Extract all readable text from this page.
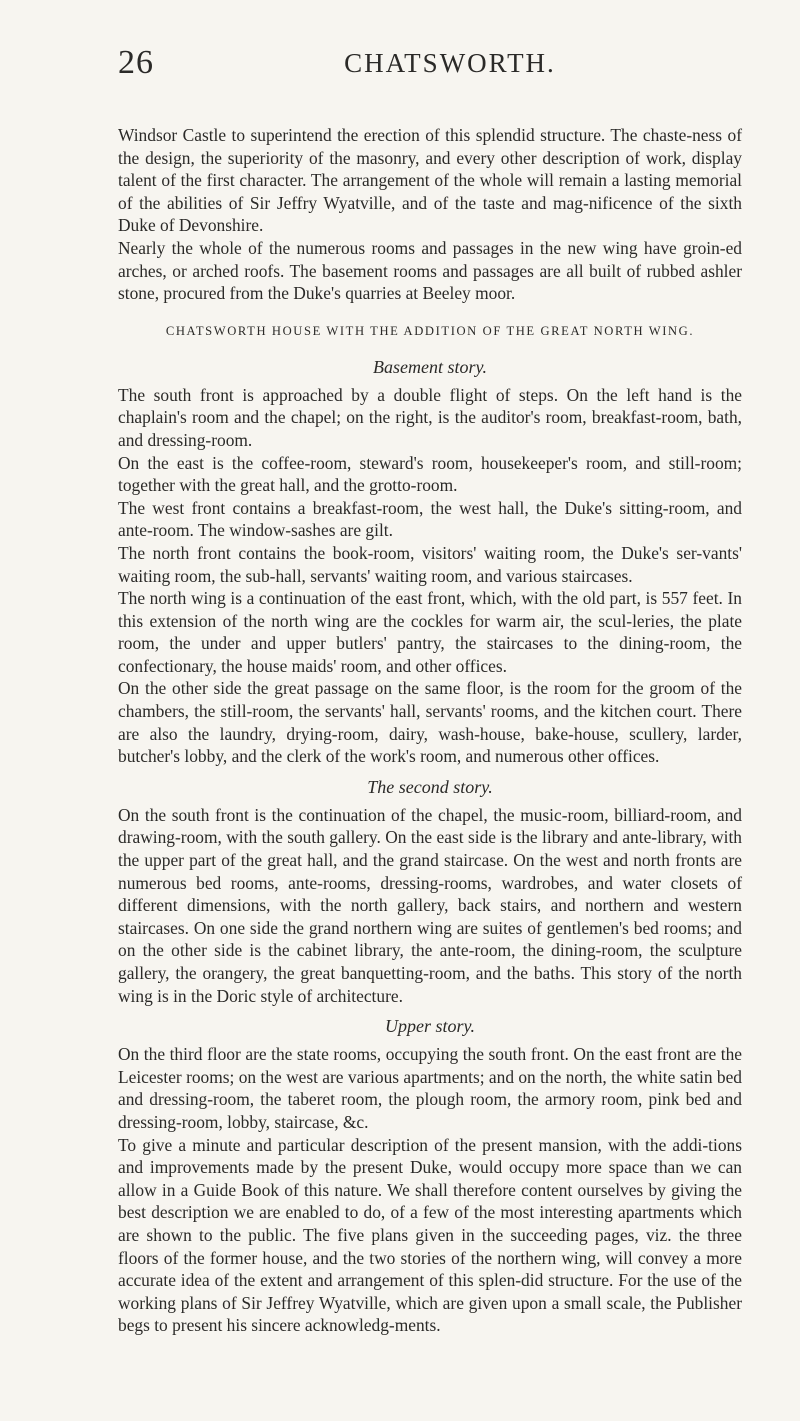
26	CHATSWORTH.

Windsor Castle to superintend the erection of this splendid structure. The chaste-ness of the design, the superiority of the masonry, and every other description of work, display talent of the first character. The arrangement of the whole will remain a lasting memorial of the abilities of Sir Jeffry Wyatville, and of the taste and mag-nificence of the sixth Duke of Devonshire.

Nearly the whole of the numerous rooms and passages in the new wing have groin-ed arches, or arched roofs. The basement rooms and passages are all built of rubbed ashler stone, procured from the Duke's quarries at Beeley moor.

CHATSWORTH HOUSE WITH THE ADDITION OF THE GREAT NORTH WING.
Basement story.

The south front is approached by a double flight of steps. On the left hand is the chaplain's room and the chapel; on the right, is the auditor's room, breakfast-room, bath, and dressing-room.

On the east is the coffee-room, steward's room, housekeeper's room, and still-room; together with the great hall, and the grotto-room.

The west front contains a breakfast-room, the west hall, the Duke's sitting-room, and ante-room. The window-sashes are gilt.

The north front contains the book-room, visitors' waiting room, the Duke's ser-vants' waiting room, the sub-hall, servants' waiting room, and various staircases.

The north wing is a continuation of the east front, which, with the old part, is 557 feet. In this extension of the north wing are the cockles for warm air, the scul-leries, the plate room, the under and upper butlers' pantry, the staircases to the dining-room, the confectionary, the house maids' room, and other offices.

On the other side the great passage on the same floor, is the room for the groom of the chambers, the still-room, the servants' hall, servants' rooms, and the kitchen court. There are also the laundry, drying-room, dairy, wash-house, bake-house, scullery, larder, butcher's lobby, and the clerk of the work's room, and numerous other offices.

The second story.

On the south front is the continuation of the chapel, the music-room, billiard-room, and drawing-room, with the south gallery. On the east side is the library and ante-library, with the upper part of the great hall, and the grand staircase. On the west and north fronts are numerous bed rooms, ante-rooms, dressing-rooms, wardrobes, and water closets of different dimensions, with the north gallery, back stairs, and northern and western staircases. On one side the grand northern wing are suites of gentlemen's bed rooms; and on the other side is the cabinet library, the ante-room, the dining-room, the sculpture gallery, the orangery, the great banquetting-room, and the baths. This story of the north wing is in the Doric style of architecture.

Upper story.

On the third floor are the state rooms, occupying the south front. On the east front are the Leicester rooms; on the west are various apartments; and on the north, the white satin bed and dressing-room, the taberet room, the plough room, the armory room, pink bed and dressing-room, lobby, staircase, &c.

To give a minute and particular description of the present mansion, with the addi-tions and improvements made by the present Duke, would occupy more space than we can allow in a Guide Book of this nature. We shall therefore content ourselves by giving the best description we are enabled to do, of a few of the most interesting apartments which are shown to the public. The five plans given in the succeeding pages, viz. the three floors of the former house, and the two stories of the northern wing, will convey a more accurate idea of the extent and arrangement of this splen-did structure. For the use of the working plans of Sir Jeffrey Wyatville, which are given upon a small scale, the Publisher begs to present his sincere acknowledg-ments.
